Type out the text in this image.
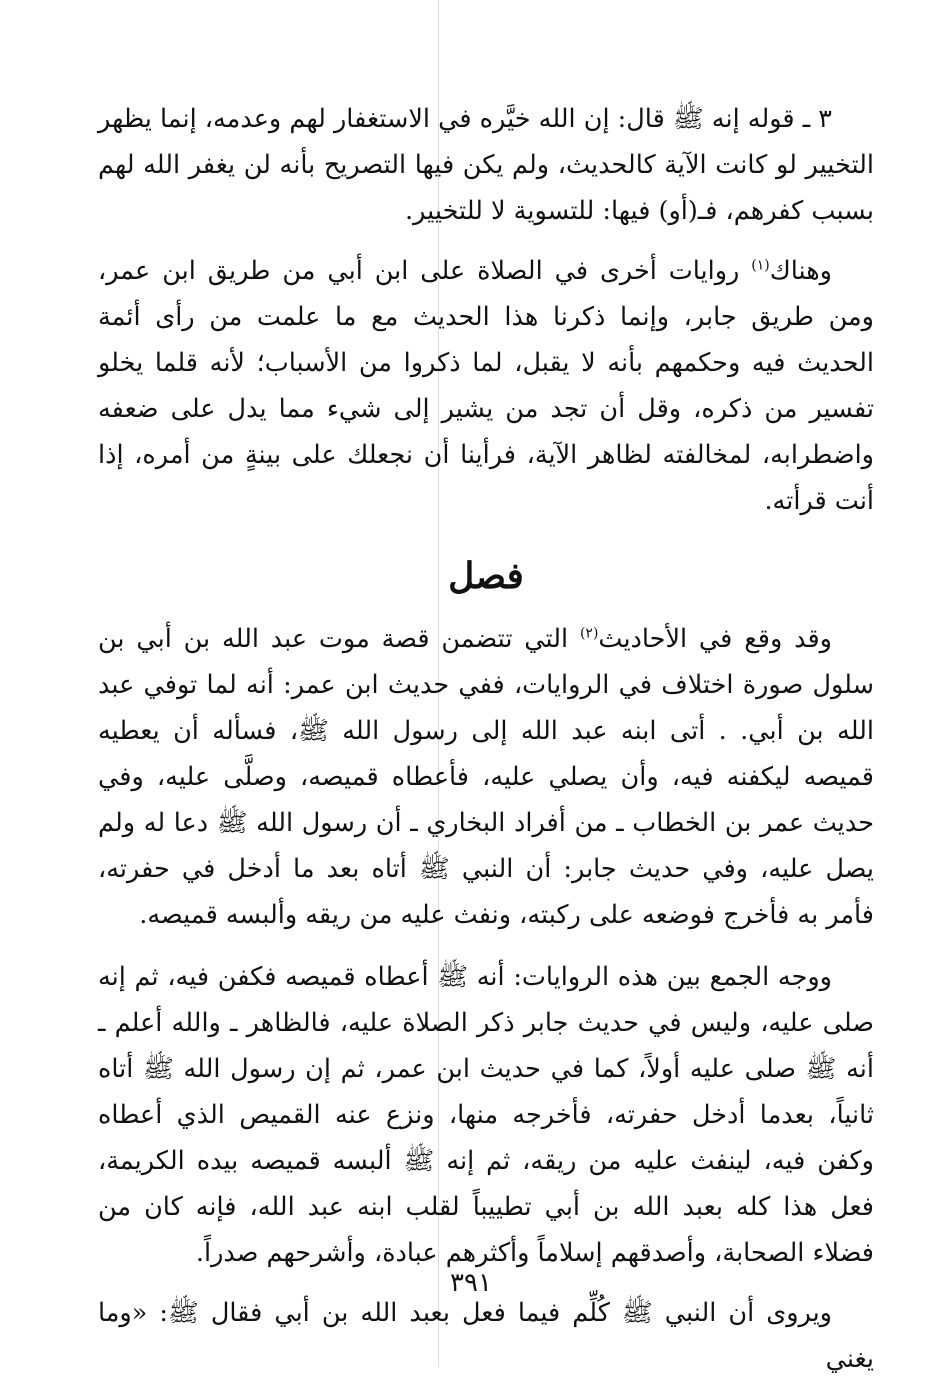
٣ ـ قوله إنه ﷺ قال: إن الله خيَّره في الاستغفار لهم وعدمه، إنما يظهر التخيير لو كانت الآية كالحديث، ولم يكن فيها التصريح بأنه لن يغفر الله لهم بسبب كفرهم، فـ(أو) فيها: للتسوية لا للتخيير.

وهناك$^{(١)}$ روايات أخرى في الصلاة على ابن أبي من طريق ابن عمر، ومن طريق جابر، وإنما ذكرنا هذا الحديث مع ما علمت من رأى أئمة الحديث فيه وحكمهم بأنه لا يقبل، لما ذكروا من الأسباب؛ لأنه قلما يخلو تفسير من ذكره، وقل أن تجد من يشير إلى شيء مما يدل على ضعفه واضطرابه، لمخالفته لظاهر الآية، فرأينا أن نجعلك على بينةٍ من أمره، إذا أنت قرأته.

فصل

وقد وقع في الأحاديث$^{(٢)}$ التي تتضمن قصة موت عبد الله بن أبي بن سلول صورة اختلاف في الروايات، ففي حديث ابن عمر: أنه لما توفي عبد الله بن أبي. . أتى ابنه عبد الله إلى رسول الله ﷺ، فسأله أن يعطيه قميصه ليكفنه فيه، وأن يصلي عليه، فأعطاه قميصه، وصلَّى عليه، وفي حديث عمر بن الخطاب ـ من أفراد البخاري ـ أن رسول الله ﷺ دعا له ولم يصل عليه، وفي حديث جابر: أن النبي ﷺ أتاه بعد ما أدخل في حفرته، فأمر به فأخرج فوضعه على ركبته، ونفث عليه من ريقه وألبسه قميصه.

ووجه الجمع بين هذه الروايات: أنه ﷺ أعطاه قميصه فكفن فيه، ثم إنه صلى عليه، وليس في حديث جابر ذكر الصلاة عليه، فالظاهر ـ والله أعلم ـ أنه ﷺ صلى عليه أولاً، كما في حديث ابن عمر، ثم إن رسول الله ﷺ أتاه ثانياً، بعدما أدخل حفرته، فأخرجه منها، ونزع عنه القميص الذي أعطاه وكفن فيه، لينفث عليه من ريقه، ثم إنه ﷺ ألبسه قميصه بيده الكريمة، فعل هذا كله بعبد الله بن أبي تطييباً لقلب ابنه عبد الله، فإنه كان من فضلاء الصحابة، وأصدقهم إسلاماً وأكثرهم عبادة، وأشرحهم صدراً.

ويروى أن النبي ﷺ كُلِّم فيما فعل بعبد الله بن أبي فقال ﷺ: «وما يغني

٣٩١
